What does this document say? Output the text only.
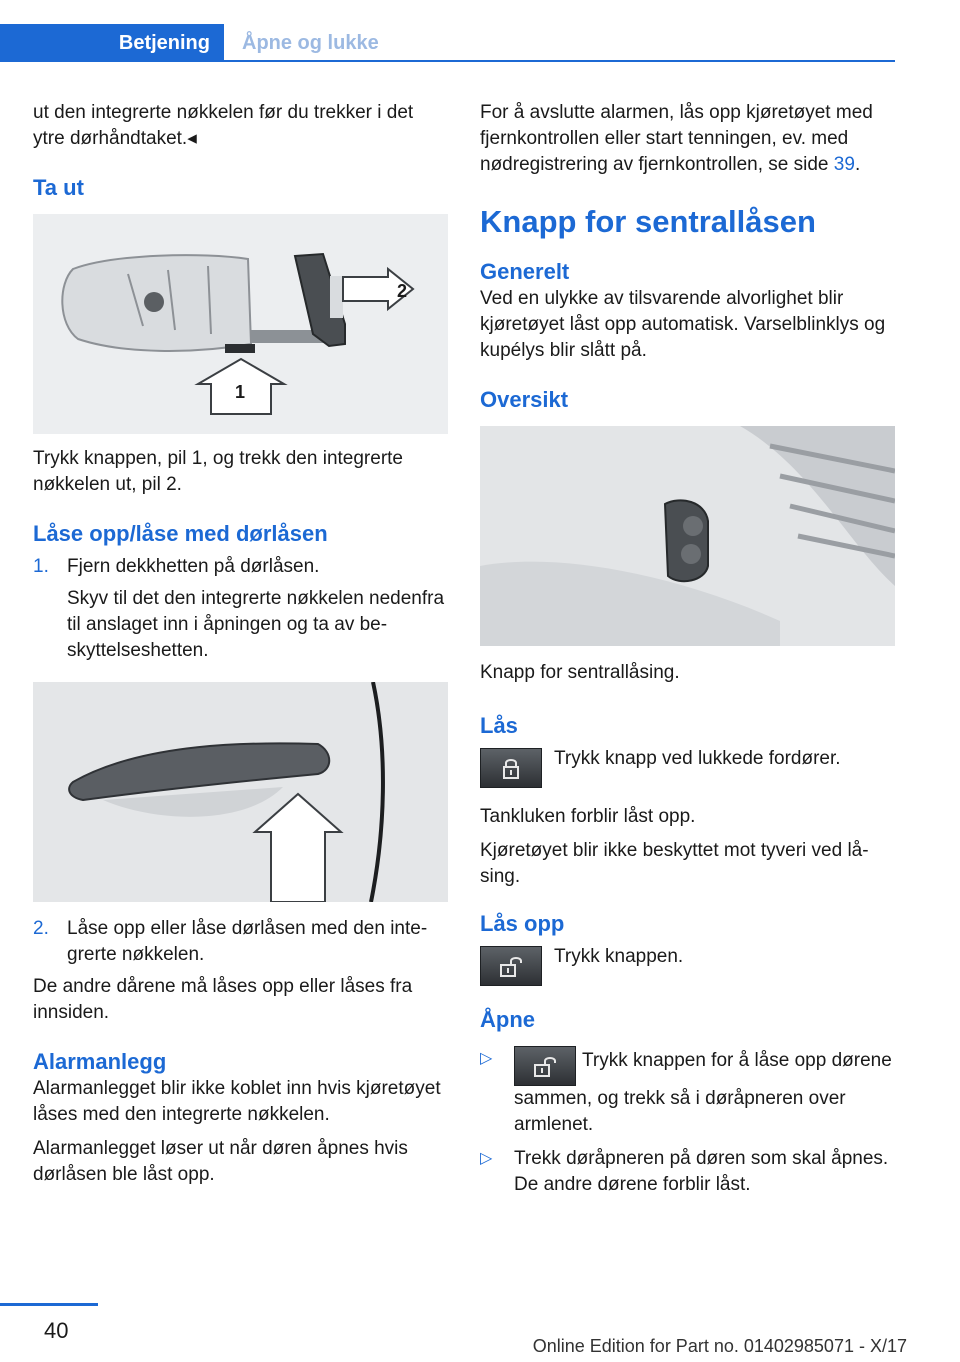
Betjening	Åpne og lukke

ut den integrerte nøkkelen før du trekker i det ytre dørhåndtaket.◂

Ta ut
2
1

Trykk knappen, pil 1, og trekk den integrerte nøkkelen ut, pil 2.

Låse opp/låse med dørlåsen
1. Fjern dekkhetten på dørlåsen.
Skyv til det den integrerte nøkkelen nedenfra til anslaget inn i åpningen og ta av beskyttelseshetten.
2. Låse opp eller låse dørlåsen med den integrerte nøkkelen.

De andre dårene må låses opp eller låses fra innsiden.

Alarmanlegg

Alarmanlegget blir ikke koblet inn hvis kjøretøyet låses med den integrerte nøkkelen.

Alarmanlegget løser ut når døren åpnes hvis dørlåsen ble låst opp.

For å avslutte alarmen, lås opp kjøretøyet med fjernkontrollen eller start tenningen, ev. med nødregistrering av fjernkontrollen, se side 39.

Knapp for sentrallåsen
Generelt

Ved en ulykke av tilsvarende alvorlighet blir kjøretøyet låst opp automatisk. Varselblinklys og kupélys blir slått på.

Oversikt

Knapp for sentrallåsing.

Lås

Trykk knapp ved lukkede fordører.

Tankluken forblir låst opp.

Kjøretøyet blir ikke beskyttet mot tyveri ved låsing.

Lås opp

Trykk knappen.

Åpne
▷	Trykk knappen for å låse opp dørene sammen, og trekk så i døråpneren over armlenet.
▷ Trekk døråpneren på døren som skal åpnes. De andre dørene forblir låst.
40
Online Edition for Part no. 01402985071 - X/17
